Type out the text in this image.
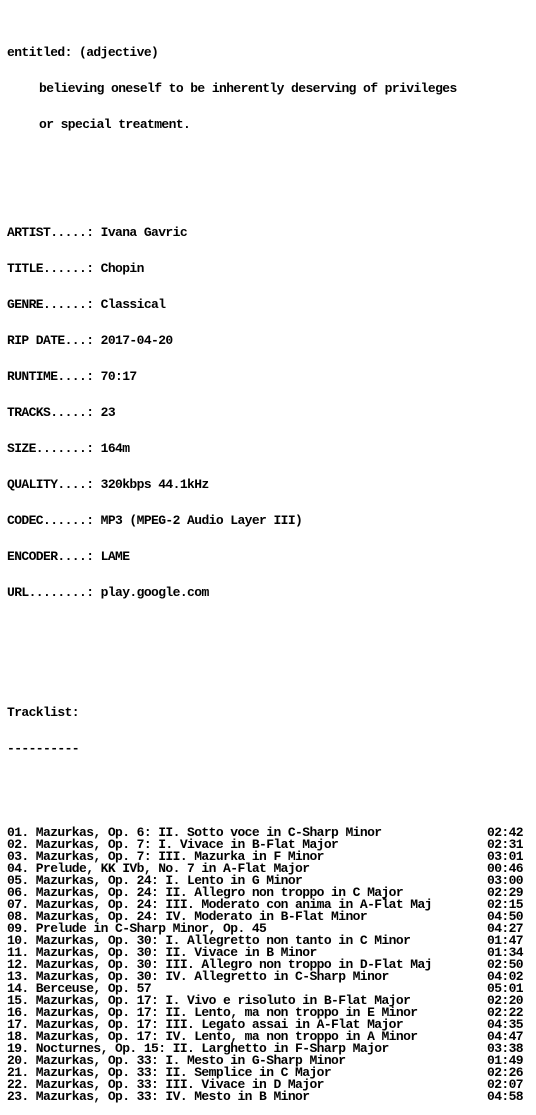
entitled: (adjective)

believing oneself to be inherently deserving of privileges

or special treatment.

ARTIST.....: Ivana Gavric

TITLE......: Chopin

GENRE......: Classical

RIP DATE...: 2017-04-20

RUNTIME....: 70:17

TRACKS.....: 23

SIZE.......: 164m

QUALITY....: 320kbps 44.1kHz

CODEC......: MP3 (MPEG-2 Audio Layer III)

ENCODER....: LAME

URL........: play.google.com

Tracklist:

----------

01. Mazurkas, Op. 6: II. Sotto voce in C-Sharp Minor	02:42
02. Mazurkas, Op. 7: I. Vivace in B-Flat Major	02:31
03. Mazurkas, Op. 7: III. Mazurka in F Minor	03:01
04. Prelude, KK IVb, No. 7 in A-Flat Major	00:46
05. Mazurkas, Op. 24: I. Lento in G Minor	03:00
06. Mazurkas, Op. 24: II. Allegro non troppo in C Major	02:29
07. Mazurkas, Op. 24: III. Moderato con anima in A-Flat Maj	02:15
08. Mazurkas, Op. 24: IV. Moderato in B-Flat Minor	04:50
09. Prelude in C-Sharp Minor, Op. 45	04:27
10. Mazurkas, Op. 30: I. Allegretto non tanto in C Minor	01:47
11. Mazurkas, Op. 30: II. Vivace in B Minor	01:34
12. Mazurkas, Op. 30: III. Allegro non troppo in D-Flat Maj	02:50
13. Mazurkas, Op. 30: IV. Allegretto in C-Sharp Minor	04:02
14. Berceuse, Op. 57	05:01
15. Mazurkas, Op. 17: I. Vivo e risoluto in B-Flat Major	02:20
16. Mazurkas, Op. 17: II. Lento, ma non troppo in E Minor	02:22
17. Mazurkas, Op. 17: III. Legato assai in A-Flat Major	04:35
18. Mazurkas, Op. 17: IV. Lento, ma non troppo in A Minor	04:47
19. Nocturnes, Op. 15: II. Larghetto in F-Sharp Major	03:38
20. Mazurkas, Op. 33: I. Mesto in G-Sharp Minor	01:49
21. Mazurkas, Op. 33: II. Semplice in C Major	02:26
22. Mazurkas, Op. 33: III. Vivace in D Major	02:07
23. Mazurkas, Op. 33: IV. Mesto in B Minor	04:58
